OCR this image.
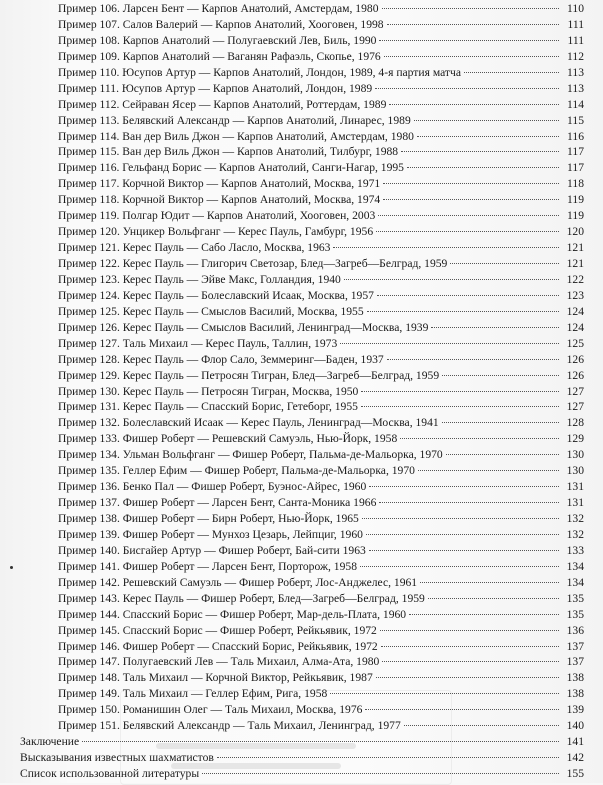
Пример 106. Ларсен Бент — Карпов Анатолий, Амстердам, 1980	110
Пример 107. Салов Валерий — Карпов Анатолий, Хоогoвен, 1998	111
Пример 108. Карпов Анатолий — Полугаевский Лев, Биль, 1990	111
Пример 109. Карпов Анатолий — Ваганян Рафаэль, Скопье, 1976	112
Пример 110. Юсупов Артур — Карпов Анатолий, Лондон, 1989, 4-я партия матча	113
Пример 111. Юсупов Артур — Карпов Анатолий, Лондон, 1989	113
Пример 112. Сейраван Ясер — Карпов Анатолий, Роттердам, 1989	114
Пример 113. Белявский Александр — Карпов Анатолий, Линарес, 1989	115
Пример 114. Ван дер Виль Джон — Карпов Анатолий, Амстердам, 1980	116
Пример 115. Ван дер Виль Джон — Карпов Анатолий, Тилбург, 1988	117
Пример 116. Гельфанд Борис — Карпов Анатолий, Санги-Нагар, 1995	117
Пример 117. Корчной Виктор — Карпов Анатолий, Москва, 1971	118
Пример 118. Корчной Виктор — Карпов Анатолий, Москва, 1974	119
Пример 119. Полгар Юдит — Карпов Анатолий, Хоогoвен, 2003	119
Пример 120. Унцикер Вольфганг — Керес Пауль, Гамбург, 1956	120
Пример 121. Керес Пауль — Сабо Ласло, Москва, 1963	121
Пример 122. Керес Пауль — Глигорич Светозар, Блед—Загреб—Белград, 1959	121
Пример 123. Керес Пауль — Эйве Макс, Голландия, 1940	122
Пример 124. Керес Пауль — Болеславский Исаак, Москва, 1957	123
Пример 125. Керес Пауль — Смыслов Василий, Москва, 1955	124
Пример 126. Керес Пауль — Смыслов Василий, Ленинград—Москва, 1939	124
Пример 127. Таль Михаил — Керес Пауль, Таллин, 1973	125
Пример 128. Керес Пауль — Флор Сало, Земмеринг—Баден, 1937	126
Пример 129. Керес Пауль — Петросян Тигран, Блед—Загреб—Белград, 1959	126
Пример 130. Керес Пауль — Петросян Тигран, Москва, 1950	127
Пример 131. Керес Пауль — Спасский Борис, Гетеборг, 1955	127
Пример 132. Болеславский Исаак — Керес Пауль, Ленинград—Москва, 1941	128
Пример 133. Фишер Роберт — Решевский Самуэль, Нью-Йорк, 1958	129
Пример 134. Ульман Вольфганг — Фишер Роберт, Пальма-де-Мальорка, 1970	130
Пример 135. Геллер Ефим — Фишер Роберт, Пальма-де-Мальорка, 1970	130
Пример 136. Бенко Пал — Фишер Роберт, Буэнос-Айрес, 1960	131
Пример 137. Фишер Роберт — Ларсен Бент, Санта-Моника 1966	131
Пример 138. Фишер Роберт — Бирн Роберт, Нью-Йорк, 1965	132
Пример 139. Фишер Роберт — Мунхоз Цезарь, Лейпциг, 1960	132
Пример 140. Бисгайер Артур — Фишер Роберт, Бай-сити 1963	133
Пример 141. Фишер Роберт — Ларсен Бент, Порторож, 1958	134
Пример 142. Решевский Самуэль — Фишер Роберт, Лос-Анджелес, 1961	134
Пример 143. Керес Пауль — Фишер Роберт, Блед—Загреб—Белград, 1959	135
Пример 144. Спасский Борис — Фишер Роберт, Мар-дель-Плата, 1960	135
Пример 145. Спасский Борис — Фишер Роберт, Рейкьявик, 1972	136
Пример 146. Фишер Роберт — Спасский Борис, Рейкьявик, 1972	137
Пример 147. Полугаевский Лев — Таль Михаил, Алма-Ата, 1980	137
Пример 148. Таль Михаил — Корчной Виктор, Рейкьявик, 1987	138
Пример 149. Таль Михаил — Геллер Ефим, Рига, 1958	138
Пример 150. Романишин Олег — Таль Михаил, Москва, 1976	139
Пример 151. Белявский Александр — Таль Михаил, Ленинград, 1977	140
Заключение	141
Высказывания известных шахматистов	142
Список использованной литературы	155
